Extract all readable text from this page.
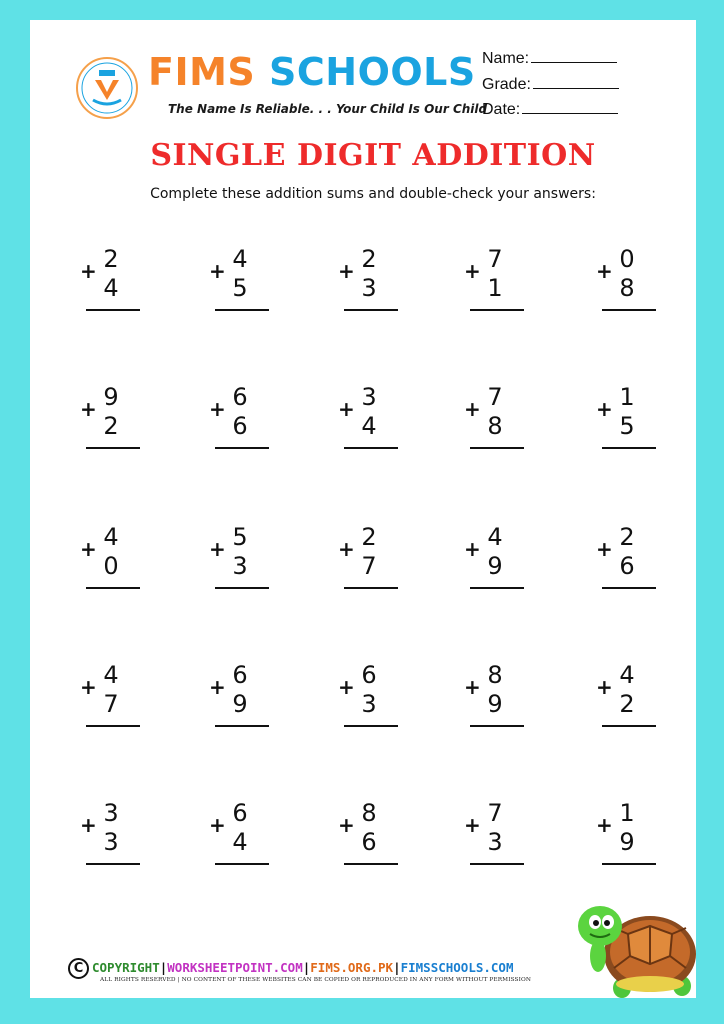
FIMS SCHOOLS
The Name Is Reliable. . . Your Child Is Our Child
Name:
Grade:
Date:
SINGLE DIGIT ADDITION
Complete these addition sums and double-check your answers:
2
+
4
4
+
5
2
+
3
7
+
1
0
+
8
9
+
2
6
+
6
3
+
4
7
+
8
1
+
5
4
+
0
5
+
3
2
+
7
4
+
9
2
+
6
4
+
7
6
+
9
6
+
3
8
+
9
4
+
2
3
+
3
6
+
4
8
+
6
7
+
3
1
+
9
C COPYRIGHT|WORKSHEETPOINT.COM|FIMS.ORG.PK|FIMSSCHOOLS.COM
ALL RIGHTS RESERVED | NO CONTENT OF THESE WEBSITES CAN BE COPIED OR REPRODUCED IN ANY FORM WITHOUT PERMISSION
